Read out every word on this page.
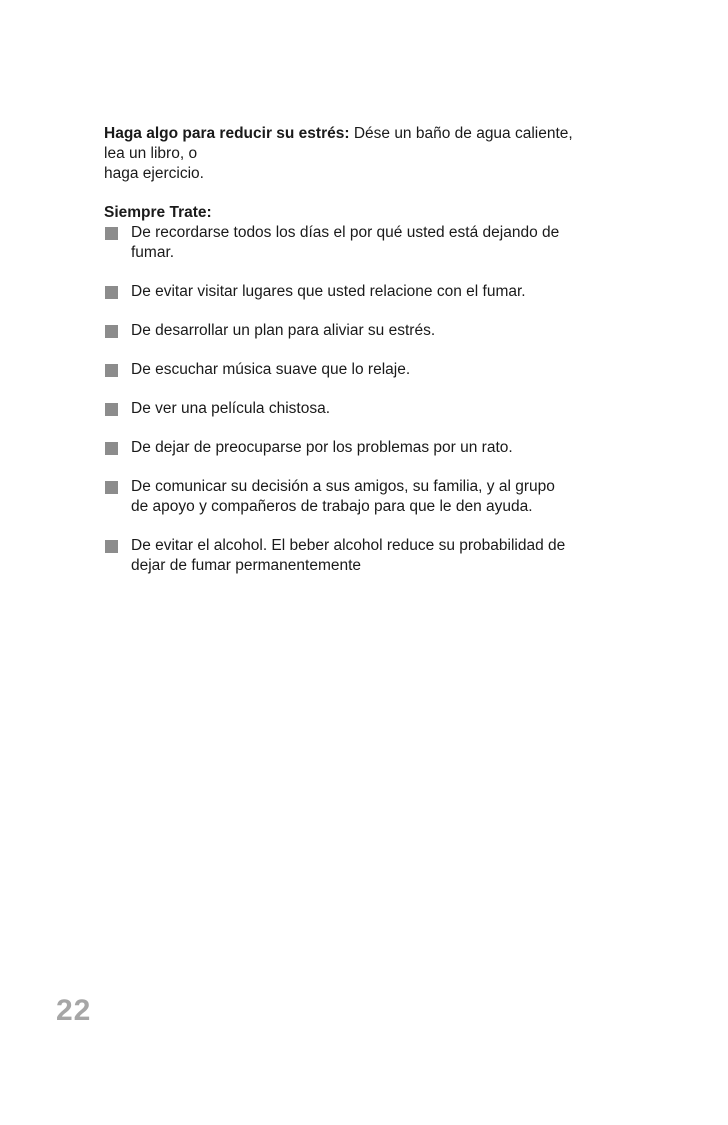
Haga algo para reducir su estrés: Dése un baño de agua caliente,
lea un libro, o
haga ejercicio.

Siempre Trate:
De recordarse todos los días el por qué usted está dejando de
fumar.
De evitar visitar lugares que usted relacione con el fumar.
De desarrollar un plan para aliviar su estrés.
De escuchar música suave que lo relaje.
De ver una película chistosa.
De dejar de preocuparse por los problemas por un rato.
De comunicar su decisión a sus amigos, su familia, y al grupo
de apoyo y compañeros de trabajo para que le den ayuda.
De evitar el alcohol. El beber alcohol reduce su probabilidad de
dejar de fumar permanentemente
22
